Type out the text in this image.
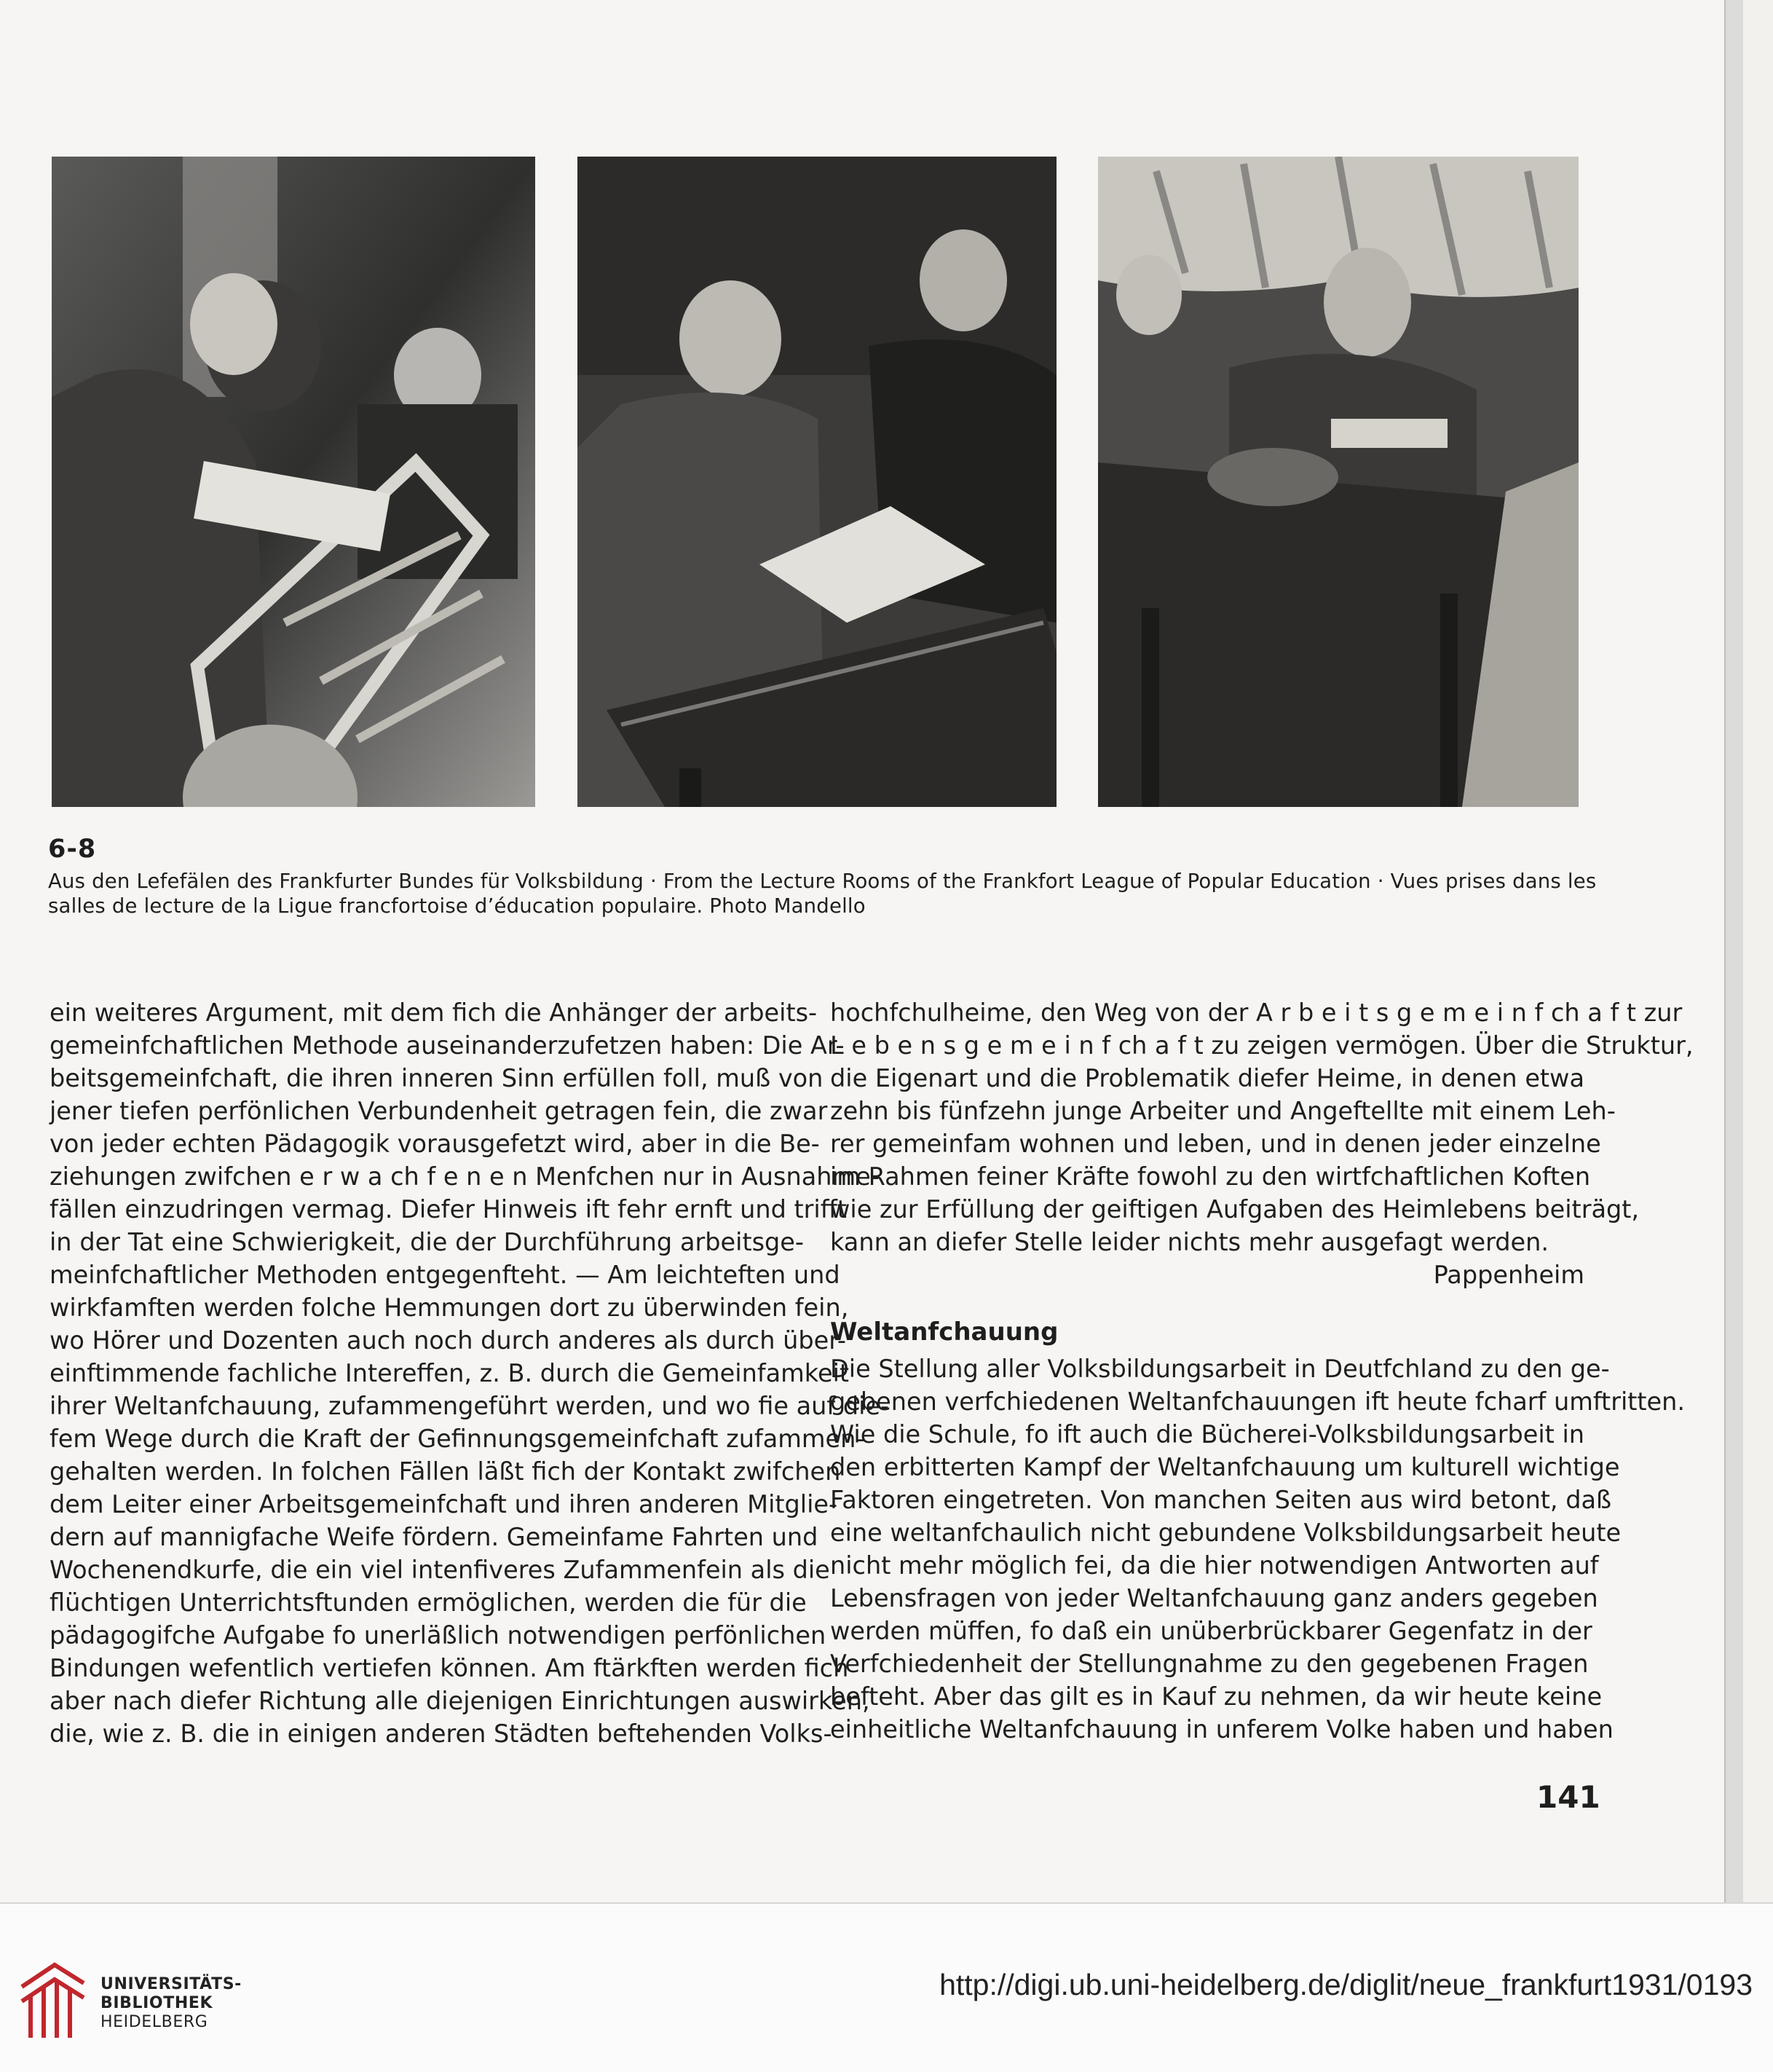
6-8
Aus den Lefefälen des Frankfurter Bundes für Volksbildung · From the Lecture Rooms of the Frankfort League of Popular Education · Vues prises dans les
salles de lecture de la Ligue francfortoise d’éducation populaire. Photo Mandello
ein weiteres Argument, mit dem fich die Anhänger der arbeits-
gemeinfchaftlichen Methode auseinanderzufetzen haben: Die Ar-
beitsgemeinfchaft, die ihren inneren Sinn erfüllen foll, muß von
jener tiefen perfönlichen Verbundenheit getragen fein, die zwar
von jeder echten Pädagogik vorausgefetzt wird, aber in die Be-
ziehungen zwifchen e r w a ch f e n e n Menfchen nur in Ausnahme-
fällen einzudringen vermag. Diefer Hinweis ift fehr ernft und trifft
in der Tat eine Schwierigkeit, die der Durchführung arbeitsge-
meinfchaftlicher Methoden entgegenfteht. — Am leichteften und
wirkfamften werden folche Hemmungen dort zu überwinden fein,
wo Hörer und Dozenten auch noch durch anderes als durch über-
einftimmende fachliche Intereffen, z. B. durch die Gemeinfamkeit
ihrer Weltanfchauung, zufammengeführt werden, und wo fie auf die-
fem Wege durch die Kraft der Gefinnungsgemeinfchaft zufammen-
gehalten werden. In folchen Fällen läßt fich der Kontakt zwifchen
dem Leiter einer Arbeitsgemeinfchaft und ihren anderen Mitglie-
dern auf mannigfache Weife fördern. Gemeinfame Fahrten und
Wochenendkurfe, die ein viel intenfiveres Zufammenfein als die
flüchtigen Unterrichtsftunden ermöglichen, werden die für die
pädagogifche Aufgabe fo unerläßlich notwendigen perfönlichen
Bindungen wefentlich vertiefen können. Am ftärkften werden fich
aber nach diefer Richtung alle diejenigen Einrichtungen auswirken,
die, wie z. B. die in einigen anderen Städten beftehenden Volks-
hochfchulheime, den Weg von der A r b e i t s g e m e i n f ch a f t zur
L e b e n s g e m e i n f ch a f t zu zeigen vermögen. Über die Struktur,
die Eigenart und die Problematik diefer Heime, in denen etwa
zehn bis fünfzehn junge Arbeiter und Angeftellte mit einem Leh-
rer gemeinfam wohnen und leben, und in denen jeder einzelne
im Rahmen feiner Kräfte fowohl zu den wirtfchaftlichen Koften
wie zur Erfüllung der geiftigen Aufgaben des Heimlebens beiträgt,
kann an diefer Stelle leider nichts mehr ausgefagt werden.
Pappenheim
Weltanfchauung
Die Stellung aller Volksbildungsarbeit in Deutfchland zu den ge-
gebenen verfchiedenen Weltanfchauungen ift heute fcharf umftritten.
Wie die Schule, fo ift auch die Bücherei-Volksbildungsarbeit in
den erbitterten Kampf der Weltanfchauung um kulturell wichtige
Faktoren eingetreten. Von manchen Seiten aus wird betont, daß
eine weltanfchaulich nicht gebundene Volksbildungsarbeit heute
nicht mehr möglich fei, da die hier notwendigen Antworten auf
Lebensfragen von jeder Weltanfchauung ganz anders gegeben
werden müffen, fo daß ein unüberbrückbarer Gegenfatz in der
Verfchiedenheit der Stellungnahme zu den gegebenen Fragen
befteht. Aber das gilt es in Kauf zu nehmen, da wir heute keine
einheitliche Weltanfchauung in unferem Volke haben und haben
141
UNIVERSITÄTS-
BIBLIOTHEK
HEIDELBERG
http://digi.ub.uni-heidelberg.de/diglit/neue_frankfurt1931/0193
